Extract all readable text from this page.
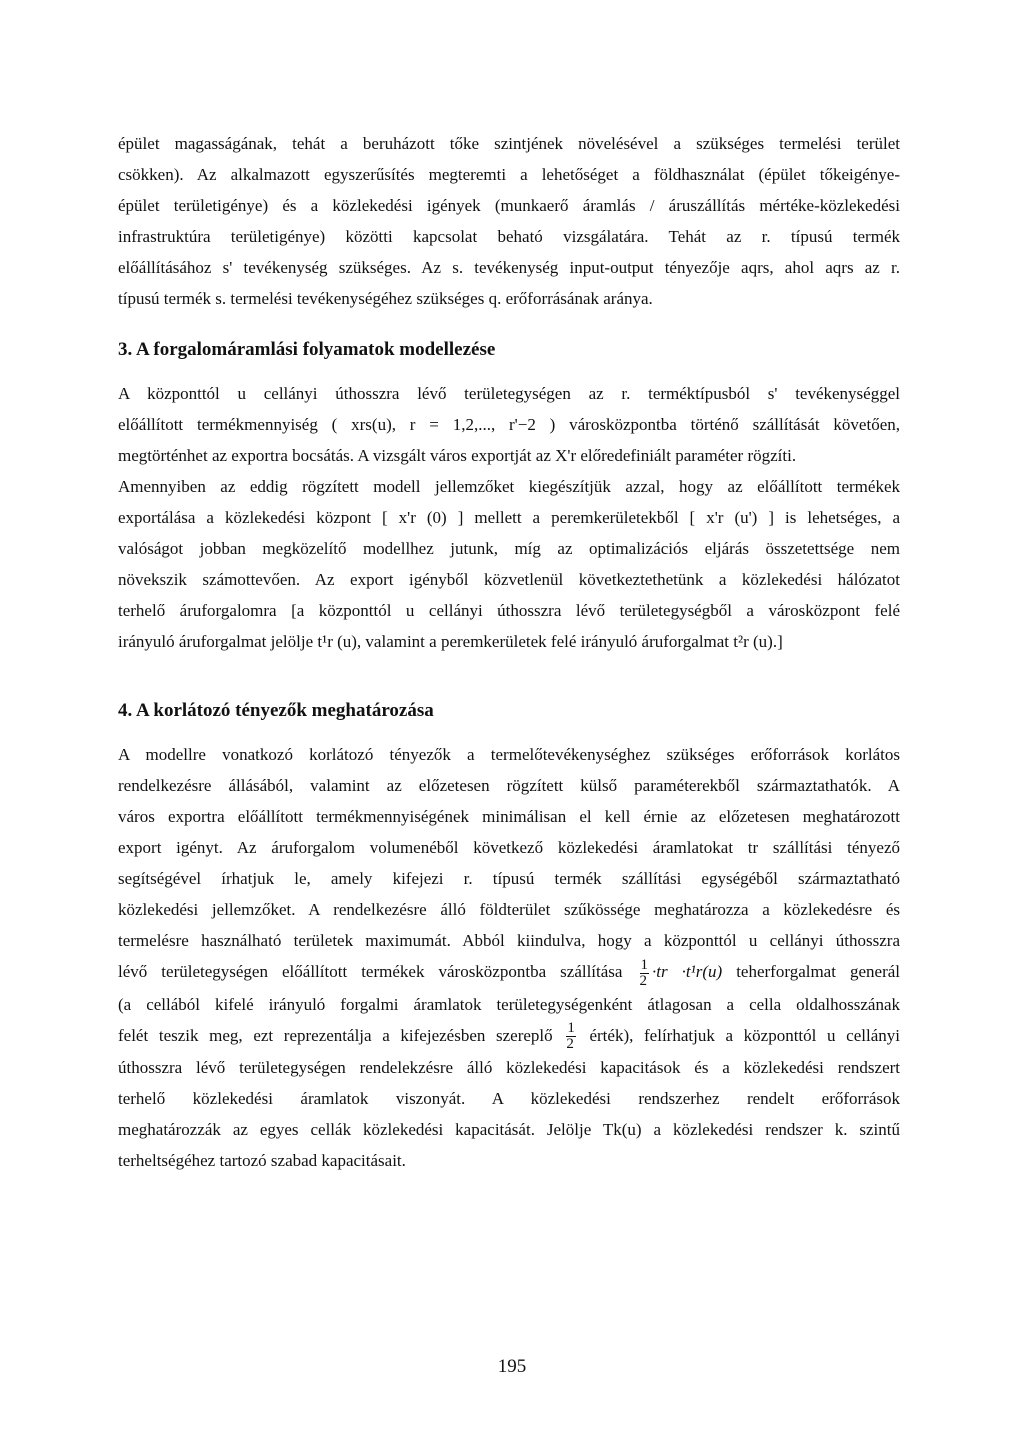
épület magasságának, tehát a beruházott tőke szintjének növelésével a szükséges termelési terület

csökken). Az alkalmazott egyszerűsítés megteremti a lehetőséget a földhasználat (épület tőkeigénye-

épület területigénye) és a közlekedési igények (munkaerő áramlás / áruszállítás mértéke-közlekedési

infrastruktúra területigénye) közötti kapcsolat beható vizsgálatára. Tehát az r. típusú termék

előállításához s' tevékenység szükséges. Az s. tevékenység input-output tényezője aqrs, ahol aqrs az r.

típusú termék s. termelési tevékenységéhez szükséges q. erőforrásának aránya.

3. A forgalomáramlási folyamatok modellezése

A központtól u cellányi úthosszra lévő területegységen az r. terméktípusból s' tevékenységgel

előállított termékmennyiség ( xrs(u), r = 1,2,..., r'−2 ) városközpontba történő szállítását követően,

megtörténhet az exportra bocsátás. A vizsgált város exportját az X'r előredefiniált paraméter rögzíti.

Amennyiben az eddig rögzített modell jellemzőket kiegészítjük azzal, hogy az előállított termékek

exportálása a közlekedési központ [ x'r (0) ] mellett a peremkerületekből [ x'r (u') ] is lehetséges, a

valóságot jobban megközelítő modellhez jutunk, míg az optimalizációs eljárás összetettsége nem

növekszik számottevően. Az export igényből közvetlenül következtethetünk a közlekedési hálózatot

terhelő áruforgalomra [a központtól u cellányi úthosszra lévő területegységből a városközpont felé

irányuló áruforgalmat jelölje t¹r (u), valamint a peremkerületek felé irányuló áruforgalmat t²r (u).]

4. A korlátozó tényezők meghatározása

A modellre vonatkozó korlátozó tényezők a termelőtevékenységhez szükséges erőforrások korlátos

rendelkezésre állásából, valamint az előzetesen rögzített külső paraméterekből származtathatók. A

város exportra előállított termékmennyiségének minimálisan el kell érnie az előzetesen meghatározott

export igényt. Az áruforgalom volumenéből következő közlekedési áramlatokat tr szállítási tényező

segítségével írhatjuk le, amely kifejezi r. típusú termék szállítási egységéből származtatható

közlekedési jellemzőket. A rendelkezésre álló földterület szűkössége meghatározza a közlekedésre és

termelésre használható területek maximumát. Abból kiindulva, hogy a központtól u cellányi úthosszra

lévő területegységen előállított termékek városközpontba szállítása $\frac{1}{2} \cdot tr \cdot t^1r(u)$ teherforgalmat generál

(a cellából kifelé irányuló forgalmi áramlatok területegységenként átlagosan a cella oldalhosszának

felét teszik meg, ezt reprezentálja a kifejezésben szereplő $\frac{1}{2}$ érték), felírhatjuk a központtól u cellányi

úthosszra lévő területegységen rendelekzésre álló közlekedési kapacitások és a közlekedési rendszert

terhelő közlekedési áramlatok viszonyát. A közlekedési rendszerhez rendelt erőforrások

meghatározzák az egyes cellák közlekedési kapacitását. Jelölje Tk(u) a közlekedési rendszer k. szintű

terheltségéhez tartozó szabad kapacitásait.

195
